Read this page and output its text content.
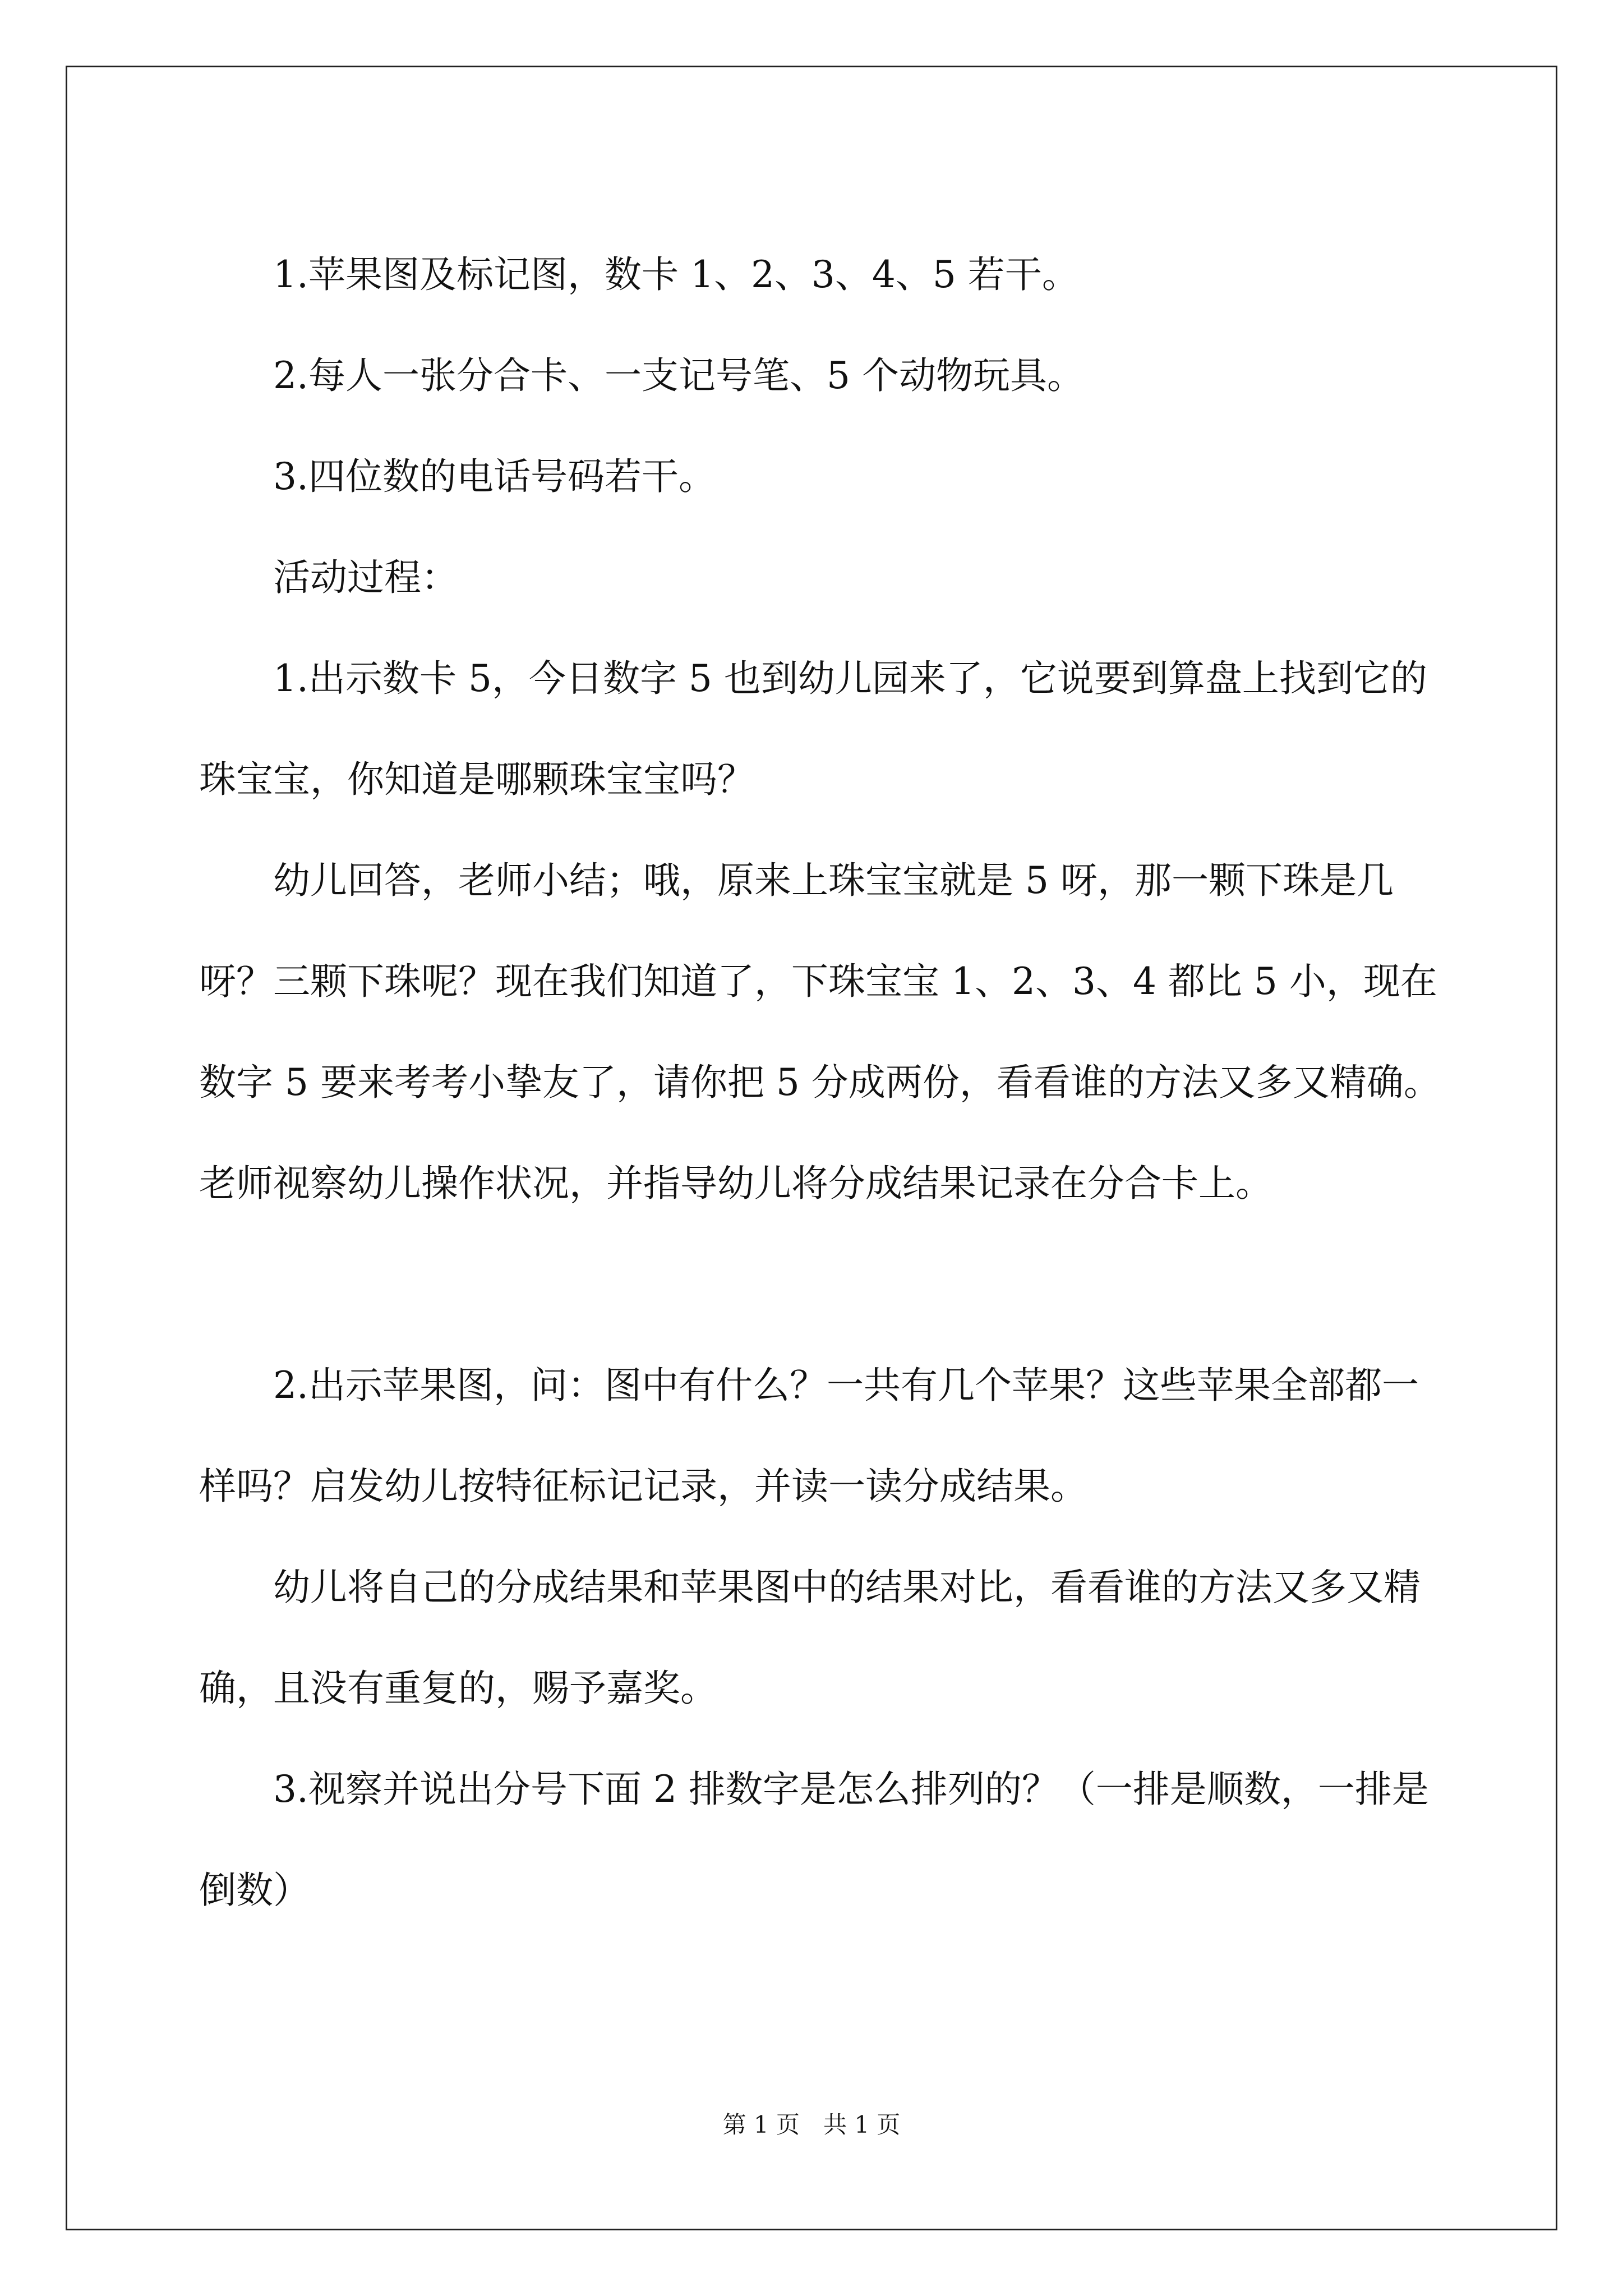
1.苹果图及标记图，数卡 1、2、3、4、5 若干。

2.每人一张分合卡、一支记号笔、5 个动物玩具。

3.四位数的电话号码若干。

活动过程：

1.出示数卡 5，今日数字 5 也到幼儿园来了，它说要到算盘上找到它的珠宝宝，你知道是哪颗珠宝宝吗？

幼儿回答，老师小结；哦，原来上珠宝宝就是 5 呀，那一颗下珠是几呀？三颗下珠呢？现在我们知道了，下珠宝宝 1、2、3、4 都比 5 小，现在数字 5 要来考考小挚友了，请你把 5 分成两份，看看谁的方法又多又精确。老师视察幼儿操作状况，并指导幼儿将分成结果记录在分合卡上。

2.出示苹果图，问：图中有什么？一共有几个苹果？这些苹果全部都一样吗？启发幼儿按特征标记记录，并读一读分成结果。

幼儿将自己的分成结果和苹果图中的结果对比，看看谁的方法又多又精确，且没有重复的，赐予嘉奖。

3.视察并说出分号下面 2 排数字是怎么排列的？（一排是顺数，一排是倒数）

第 1 页　共 1 页
